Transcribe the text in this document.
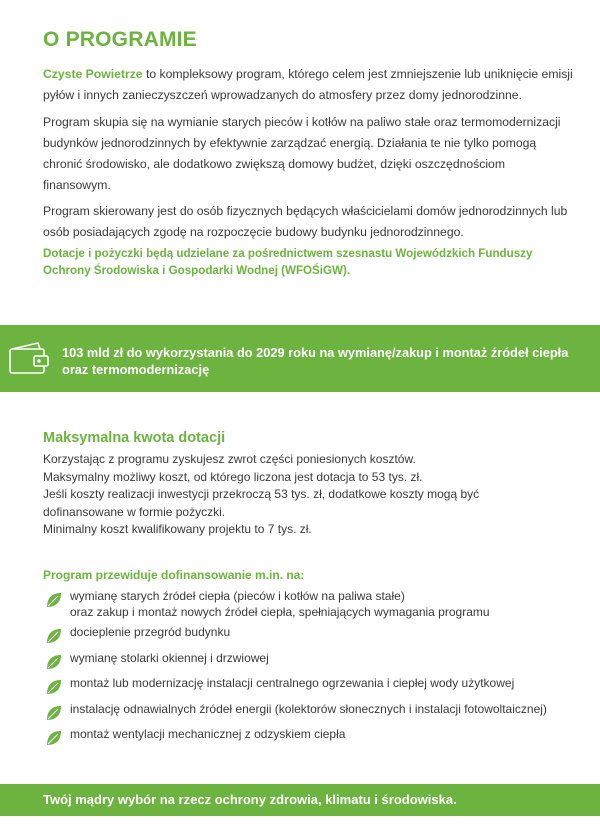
O PROGRAMIE
Czyste Powietrze to kompleksowy program, którego celem jest zmniejszenie lub uniknięcie emisji pyłów i innych zanieczyszczeń wprowadzanych do atmosfery przez domy jednorodzinne.
Program skupia się na wymianie starych pieców i kotłów na paliwo stałe oraz termomodernizacji budynków jednorodzinnych by efektywnie zarządzać energią. Działania te nie tylko pomogą chronić środowisko, ale dodatkowo zwiększą domowy budżet, dzięki oszczędnościom finansowym.
Program skierowany jest do osób fizycznych będących właścicielami domów jednorodzinnych lub osób posiadających zgodę na rozpoczęcie budowy budynku jednorodzinnego.
Dotacje i pożyczki będą udzielane za pośrednictwem szesnastu Wojewódzkich Funduszy Ochrony Środowiska i Gospodarki Wodnej (WFOŚiGW).
103 mld zł do wykorzystania do 2029 roku na wymianę/zakup i montaż źródeł ciepła oraz termomodernizację
Maksymalna kwota dotacji
Korzystając z programu zyskujesz zwrot części poniesionych kosztów.
Maksymalny możliwy koszt, od którego liczona jest dotacja to 53 tys. zł.
Jeśli koszty realizacji inwestycji przekroczą 53 tys. zł, dodatkowe koszty mogą być dofinansowane w formie pożyczki.
Minimalny koszt kwalifikowany projektu to 7 tys. zł.
Program przewiduje dofinansowanie m.in. na:
wymianę starych źródeł ciepła (pieców i kotłów na paliwa stałe)
oraz zakup i montaż nowych źródeł ciepła, spełniających wymagania programu
docieplenie przegród budynku
wymianę stolarki okiennej i drzwiowej
montaż lub modernizację instalacji centralnego ogrzewania i ciepłej wody użytkowej
instalację odnawialnych źródeł energii (kolektorów słonecznych i instalacji fotowoltaicznej)
montaż wentylacji mechanicznej z odzyskiem ciepła
Twój mądry wybór na rzecz ochrony zdrowia, klimatu i środowiska.
